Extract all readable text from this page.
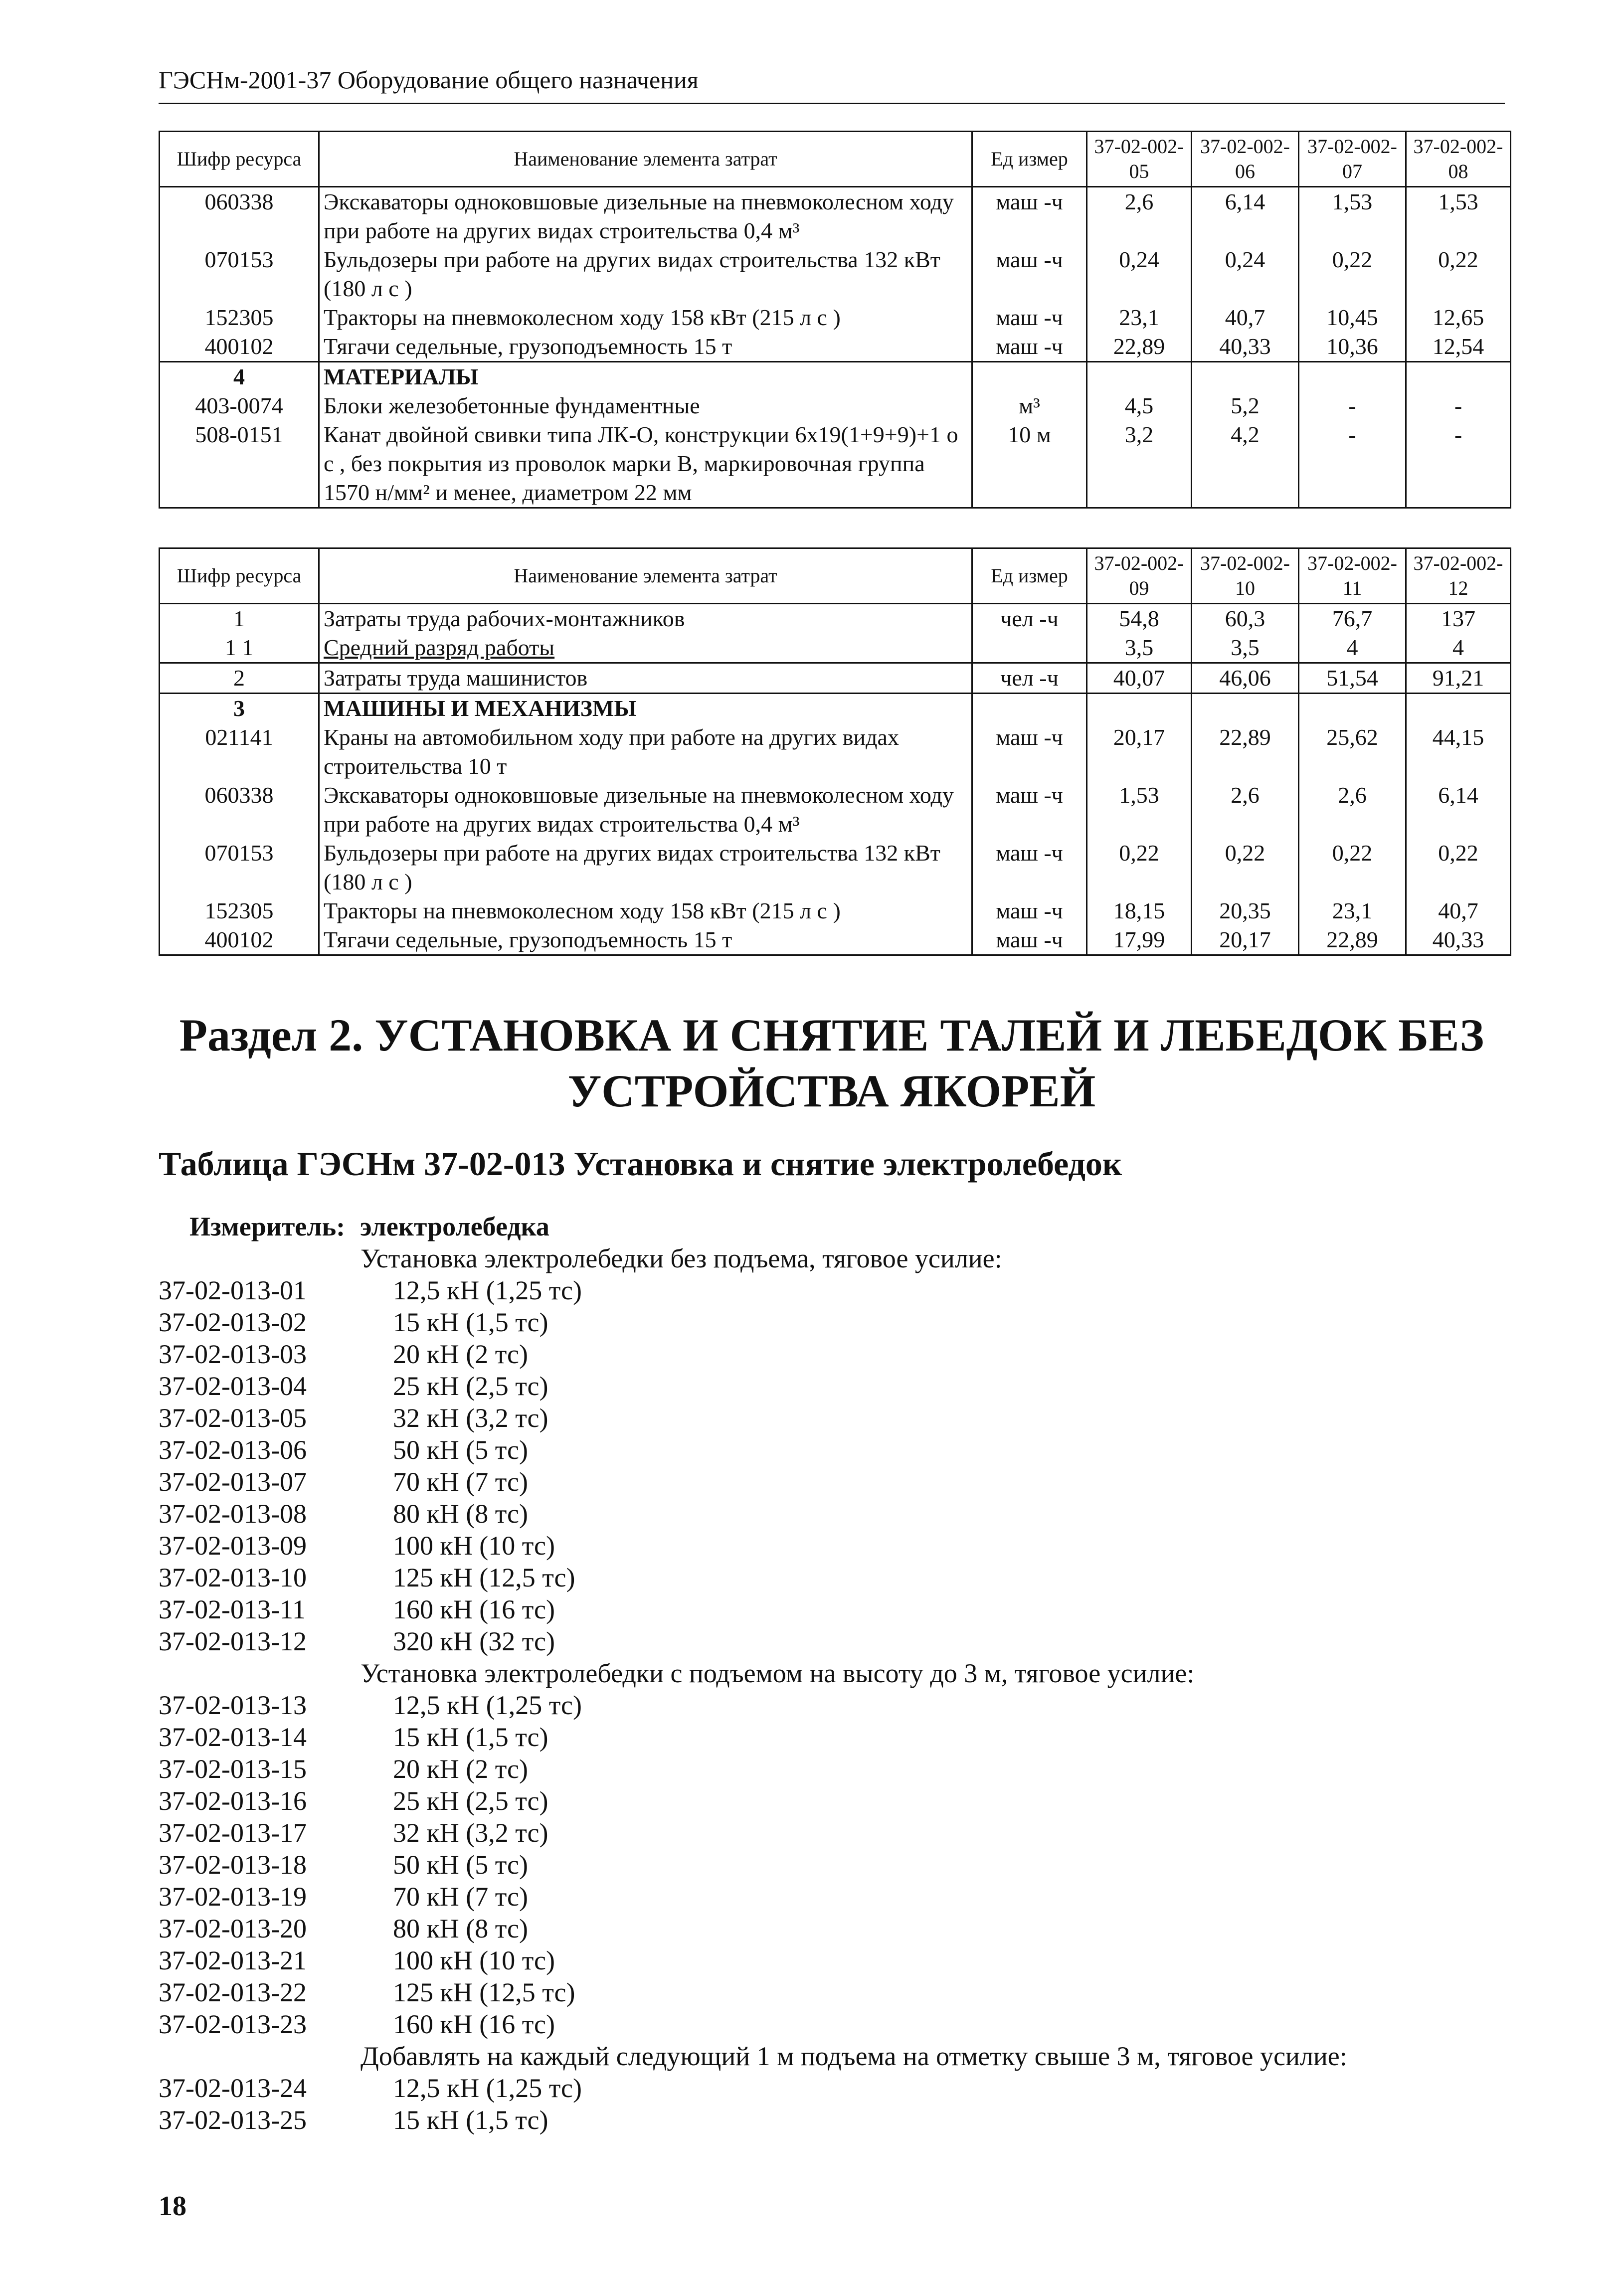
ГЭСНм-2001-37 Оборудование общего назначения
Шифр ресурса	Наименование элемента затрат	Ед измер	37-02-002-05	37-02-002-06	37-02-002-07	37-02-002-08
060338	Экскаваторы одноковшовые дизельные на пневмоколесном ходу при работе на других видах строительства 0,4 м³	маш -ч	2,6	6,14	1,53	1,53
070153	Бульдозеры при работе на других видах строительства 132 кВт (180 л с )	маш -ч	0,24	0,24	0,22	0,22
152305	Тракторы на пневмоколесном ходу 158 кВт (215 л с )	маш -ч	23,1	40,7	10,45	12,65
400102	Тягачи седельные, грузоподъемность 15 т	маш -ч	22,89	40,33	10,36	12,54
4	МАТЕРИАЛЫ					
403-0074	Блоки железобетонные фундаментные	м³	4,5	5,2	-	-
508-0151	Канат двойной свивки типа ЛК-О, конструкции 6х19(1+9+9)+1 о с , без покрытия из проволок марки В, маркировочная группа 1570 н/мм² и менее, диаметром 22 мм	10 м	3,2	4,2	-	-
Шифр ресурса	Наименование элемента затрат	Ед измер	37-02-002-09	37-02-002-10	37-02-002-11	37-02-002-12
1	Затраты труда рабочих-монтажников	чел -ч	54,8	60,3	76,7	137
1 1	Средний разряд работы		3,5	3,5	4	4
2	Затраты труда машинистов	чел -ч	40,07	46,06	51,54	91,21
3	МАШИНЫ И МЕХАНИЗМЫ					
021141	Краны на автомобильном ходу при работе на других видах строительства 10 т	маш -ч	20,17	22,89	25,62	44,15
060338	Экскаваторы одноковшовые дизельные на пневмоколесном ходу при работе на других видах строительства 0,4 м³	маш -ч	1,53	2,6	2,6	6,14
070153	Бульдозеры при работе на других видах строительства 132 кВт (180 л с )	маш -ч	0,22	0,22	0,22	0,22
152305	Тракторы на пневмоколесном ходу 158 кВт (215 л с )	маш -ч	18,15	20,35	23,1	40,7
400102	Тягачи седельные, грузоподъемность 15 т	маш -ч	17,99	20,17	22,89	40,33
Раздел 2. УСТАНОВКА И СНЯТИЕ ТАЛЕЙ И ЛЕБЕДОК БЕЗ УСТРОЙСТВА ЯКОРЕЙ
Таблица ГЭСНм 37-02-013 Установка и снятие электролебедок
Измеритель: электролебедка
Установка электролебедки без подъема, тяговое усилие:
37-02-013-01	12,5 кН (1,25 тс)
37-02-013-02	15 кН (1,5 тс)
37-02-013-03	20 кН (2 тс)
37-02-013-04	25 кН (2,5 тс)
37-02-013-05	32 кН (3,2 тс)
37-02-013-06	50 кН (5 тс)
37-02-013-07	70 кН (7 тс)
37-02-013-08	80 кН (8 тс)
37-02-013-09	100 кН (10 тс)
37-02-013-10	125 кН (12,5 тс)
37-02-013-11	160 кН (16 тс)
37-02-013-12	320 кН (32 тс)
Установка электролебедки с подъемом на высоту до 3 м, тяговое усилие:
37-02-013-13	12,5 кН (1,25 тс)
37-02-013-14	15 кН (1,5 тс)
37-02-013-15	20 кН (2 тс)
37-02-013-16	25 кН (2,5 тс)
37-02-013-17	32 кН (3,2 тс)
37-02-013-18	50 кН (5 тс)
37-02-013-19	70 кН (7 тс)
37-02-013-20	80 кН (8 тс)
37-02-013-21	100 кН (10 тс)
37-02-013-22	125 кН (12,5 тс)
37-02-013-23	160 кН (16 тс)
Добавлять на каждый следующий 1 м подъема на отметку свыше 3 м, тяговое усилие:
37-02-013-24	12,5 кН (1,25 тс)
37-02-013-25	15 кН (1,5 тс)
18
